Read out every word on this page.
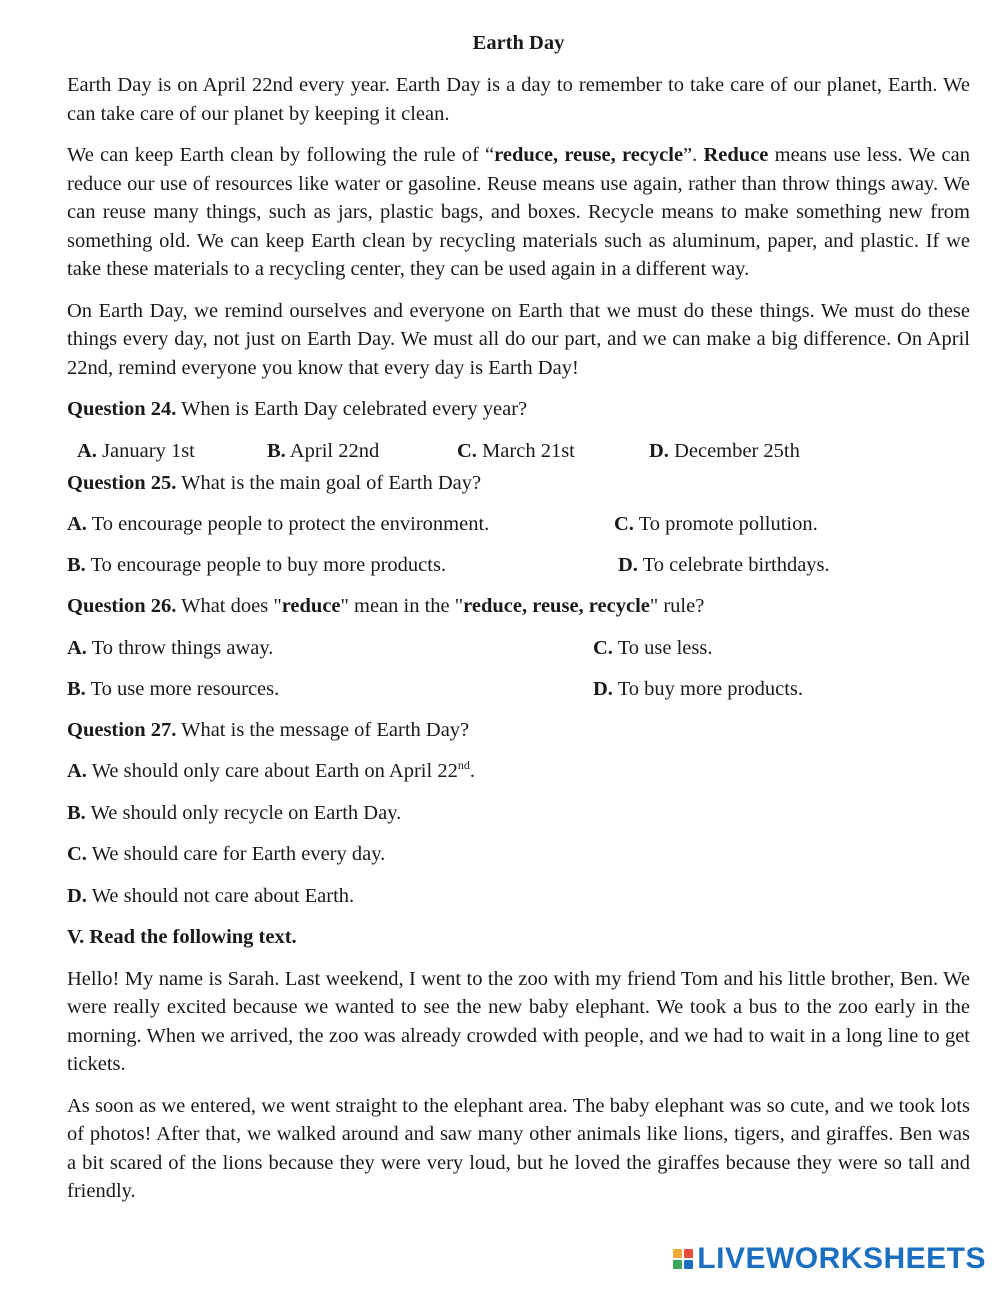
Earth Day

Earth Day is on April 22nd every year. Earth Day is a day to remember to take care of our planet, Earth. We can take care of our planet by keeping it clean.

We can keep Earth clean by following the rule of “reduce, reuse, recycle”. Reduce means use less. We can reduce our use of resources like water or gasoline. Reuse means use again, rather than throw things away. We can reuse many things, such as jars, plastic bags, and boxes. Recycle means to make something new from something old. We can keep Earth clean by recycling materials such as aluminum, paper, and plastic. If we take these materials to a recycling center, they can be used again in a different way.

On Earth Day, we remind ourselves and everyone on Earth that we must do these things. We must do these things every day, not just on Earth Day. We must all do our part, and we can make a big difference. On April 22nd, remind everyone you know that every day is Earth Day!

Question 24. When is Earth Day celebrated every year?
A. January 1st	B. April 22nd	C. March 21st	D. December 25th
Question 25. What is the main goal of Earth Day?
A. To encourage people to protect the environment.	C. To promote pollution.
B. To encourage people to buy more products.	D. To celebrate birthdays.
Question 26. What does "reduce" mean in the "reduce, reuse, recycle" rule?
A. To throw things away.	C. To use less.
B. To use more resources.	D. To buy more products.
Question 27. What is the message of Earth Day?
A. We should only care about Earth on April 22nd.
B. We should only recycle on Earth Day.
C. We should care for Earth every day.
D. We should not care about Earth.
V. Read the following text.

Hello! My name is Sarah. Last weekend, I went to the zoo with my friend Tom and his little brother, Ben. We were really excited because we wanted to see the new baby elephant. We took a bus to the zoo early in the morning. When we arrived, the zoo was already crowded with people, and we had to wait in a long line to get tickets.

As soon as we entered, we went straight to the elephant area. The baby elephant was so cute, and we took lots of photos! After that, we walked around and saw many other animals like lions, tigers, and giraffes. Ben was a bit scared of the lions because they were very loud, but he loved the giraffes because they were so tall and friendly.

LIVEWORKSHEETS
